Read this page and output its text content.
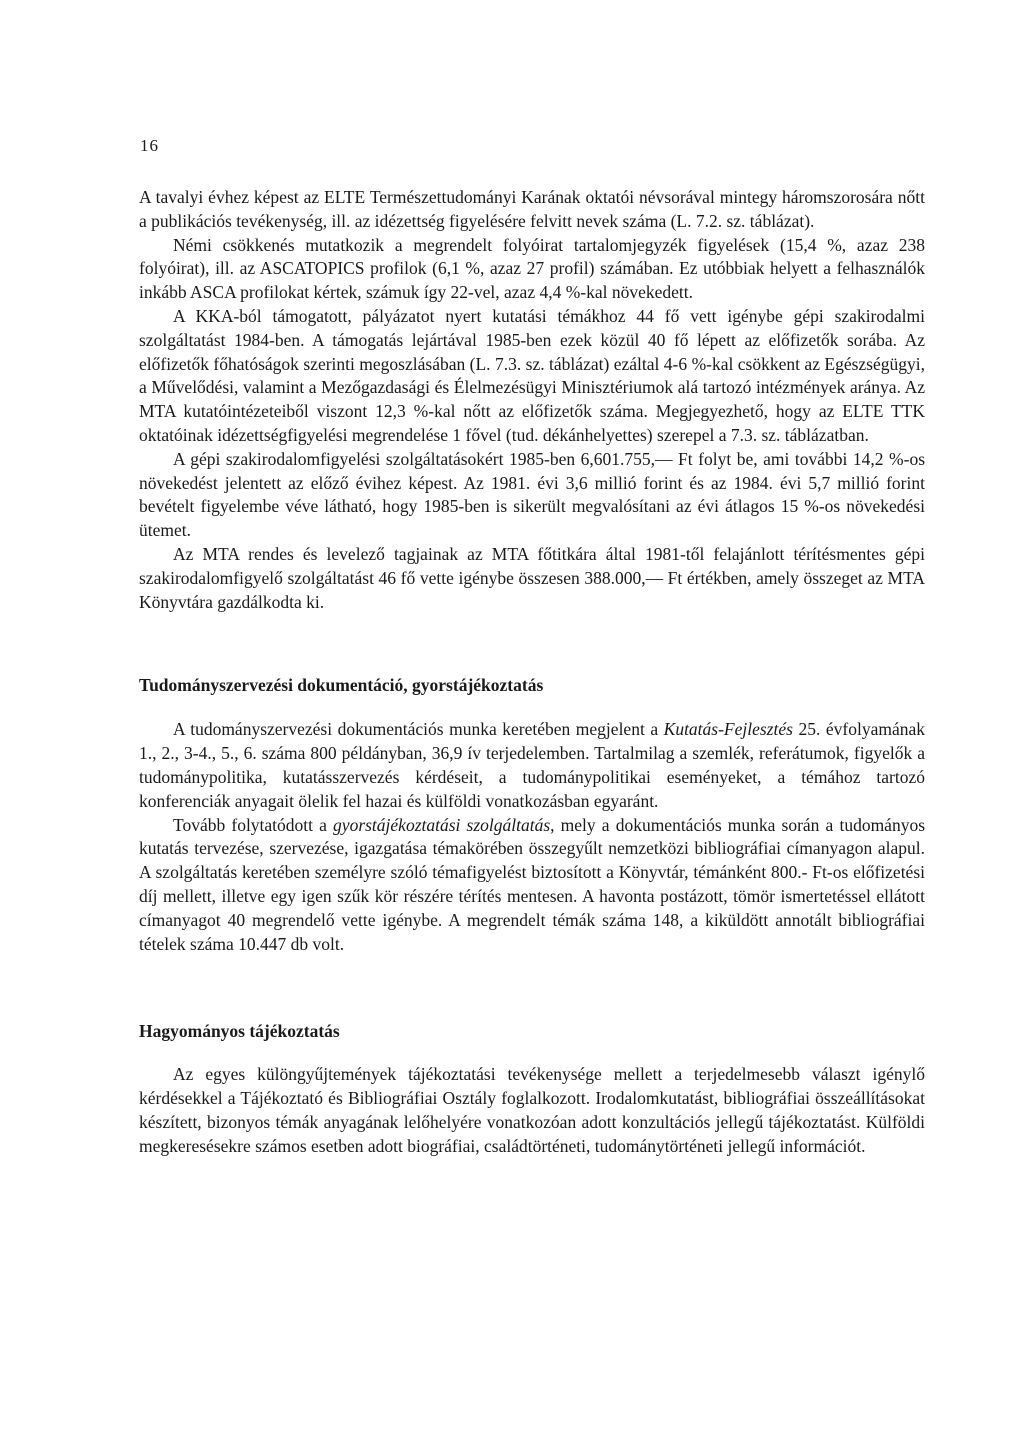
16

A tavalyi évhez képest az ELTE Természettudományi Karának oktatói névsorával mintegy háromszorosára nőtt a publikációs tevékenység, ill. az idézettség figyelésére felvitt nevek száma (L. 7.2. sz. táblázat).

Némi csökkenés mutatkozik a megrendelt folyóirat tartalomjegyzék figyelések (15,4 %, azaz 238 folyóirat), ill. az ASCATOPICS profilok (6,1 %, azaz 27 profil) számában. Ez utóbbiak helyett a felhasználók inkább ASCA profilokat kértek, számuk így 22-vel, azaz 4,4 %-kal növekedett.

A KKA-ból támogatott, pályázatot nyert kutatási témákhoz 44 fő vett igénybe gépi szakirodalmi szolgáltatást 1984-ben. A támogatás lejártával 1985-ben ezek közül 40 fő lépett az előfizetők sorába. Az előfizetők főhatóságok szerinti megoszlásában (L. 7.3. sz. táblázat) ezáltal 4-6 %-kal csökkent az Egészségügyi, a Művelődési, valamint a Mezőgazdasági és Élelmezésügyi Minisztériumok alá tartozó intézmények aránya. Az MTA kutatóintézeteiből viszont 12,3 %-kal nőtt az előfizetők száma. Megjegyezhető, hogy az ELTE TTK oktatóinak idézettségfigyelési megrendelése 1 fővel (tud. dékánhelyettes) szerepel a 7.3. sz. táblázatban.

A gépi szakirodalomfigyelési szolgáltatásokért 1985-ben 6,601.755,— Ft folyt be, ami további 14,2 %-os növekedést jelentett az előző évihez képest. Az 1981. évi 3,6 millió forint és az 1984. évi 5,7 millió forint bevételt figyelembe véve látható, hogy 1985-ben is sikerült megvalósítani az évi átlagos 15 %-os növekedési ütemet.

Az MTA rendes és levelező tagjainak az MTA főtitkára által 1981-től felajánlott térítésmentes gépi szakirodalomfigyelő szolgáltatást 46 fő vette igénybe összesen 388.000,— Ft értékben, amely összeget az MTA Könyvtára gazdálkodta ki.

Tudományszervezési dokumentáció, gyorstájékoztatás

A tudományszervezési dokumentációs munka keretében megjelent a Kutatás-Fejlesztés 25. évfolyamának 1., 2., 3-4., 5., 6. száma 800 példányban, 36,9 ív terjedelemben. Tartalmilag a szemlék, referátumok, figyelők a tudománypolitika, kutatásszervezés kérdéseit, a tudománypolitikai eseményeket, a témához tartozó konferenciák anyagait ölelik fel hazai és külföldi vonatkozásban egyaránt.

Tovább folytatódott a gyorstájékoztatási szolgáltatás, mely a dokumentációs munka során a tudományos kutatás tervezése, szervezése, igazgatása témakörében összegyűlt nemzetközi bibliográfiai címanyagon alapul. A szolgáltatás keretében személyre szóló témafigyelést biztosított a Könyvtár, témánként 800.- Ft-os előfizetési díj mellett, illetve egy igen szűk kör részére térítés mentesen. A havonta postázott, tömör ismertetéssel ellátott címanyagot 40 megrendelő vette igénybe. A megrendelt témák száma 148, a kiküldött annotált bibliográfiai tételek száma 10.447 db volt.

Hagyományos tájékoztatás

Az egyes különgyűjtemények tájékoztatási tevékenysége mellett a terjedelmesebb választ igénylő kérdésekkel a Tájékoztató és Bibliográfiai Osztály foglalkozott. Irodalomkutatást, bibliográfiai összeállításokat készített, bizonyos témák anyagának lelőhelyére vonatkozóan adott konzultációs jellegű tájékoztatást. Külföldi megkeresésekre számos esetben adott biográfiai, családtörténeti, tudománytörténeti jellegű információt.
